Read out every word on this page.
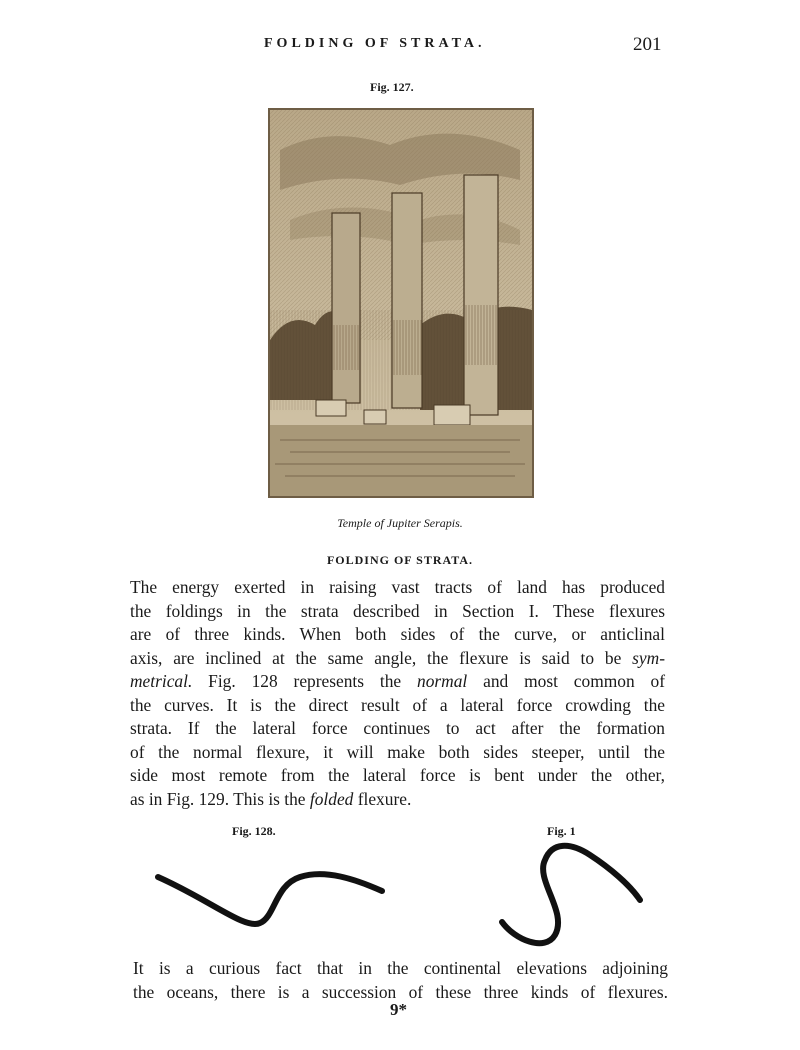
FOLDING OF STRATA.	201
Fig. 127.
Temple of Jupiter Serapis.
FOLDING OF STRATA.
The energy exerted in raising vast tracts of land has produced
the foldings in the strata described in Section I. These flexures
are of three kinds. When both sides of the curve, or anticlinal
axis, are inclined at the same angle, the flexure is said to be sym-
metrical. Fig. 128 represents the normal and most common of
the curves. It is the direct result of a lateral force crowding the
strata. If the lateral force continues to act after the formation
of the normal flexure, it will make both sides steeper, until the
side most remote from the lateral force is bent under the other,
as in Fig. 129. This is the folded flexure.
Fig. 128.	Fig. 1
It is a curious fact that in the continental elevations adjoining
the oceans, there is a succession of these three kinds of flexures.
9*
